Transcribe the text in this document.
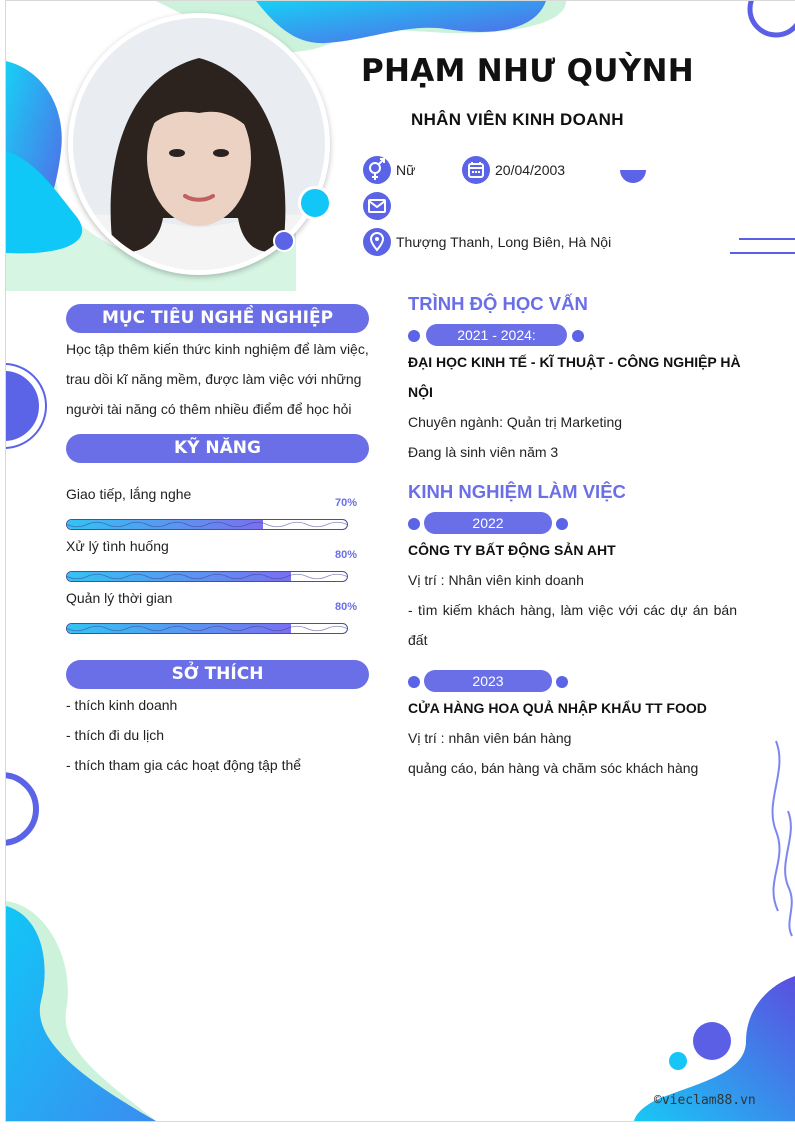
PHẠM NHƯ QUỲNH
NHÂN VIÊN KINH DOANH
Nữ	20/04/2003
Thượng Thanh, Long Biên, Hà Nội
MỤC TIÊU NGHỀ NGHIỆP
Học tập thêm kiến thức kinh nghiệm để làm việc,
trau dồi kĩ năng mềm, được làm việc với những
người tài năng có thêm nhiều điểm để học hỏi
KỸ NĂNG
Giao tiếp, lắng nghe
70%
Xử lý tình huống
80%
Quản lý thời gian
80%
SỞ THÍCH
- thích kinh doanh
- thích đi du lịch
- thích tham gia các hoạt động tập thể
TRÌNH ĐỘ HỌC VẤN
2021 - 2024:
ĐẠI HỌC KINH TẾ - KĨ THUẬT - CÔNG NGHIỆP HÀ
NỘI
Chuyên ngành: Quản trị Marketing
Đang là sinh viên năm 3
KINH NGHIỆM LÀM VIỆC
2022
CÔNG TY BẤT ĐỘNG SẢN AHT
Vị trí : Nhân viên kinh doanh
- tìm kiếm khách hàng, làm việc với các dự án bán
đất
2023
CỬA HÀNG HOA QUẢ NHẬP KHẨU TT FOOD
Vị trí : nhân viên bán hàng
quảng cáo, bán hàng và chăm sóc khách hàng
©vieclam88.vn
